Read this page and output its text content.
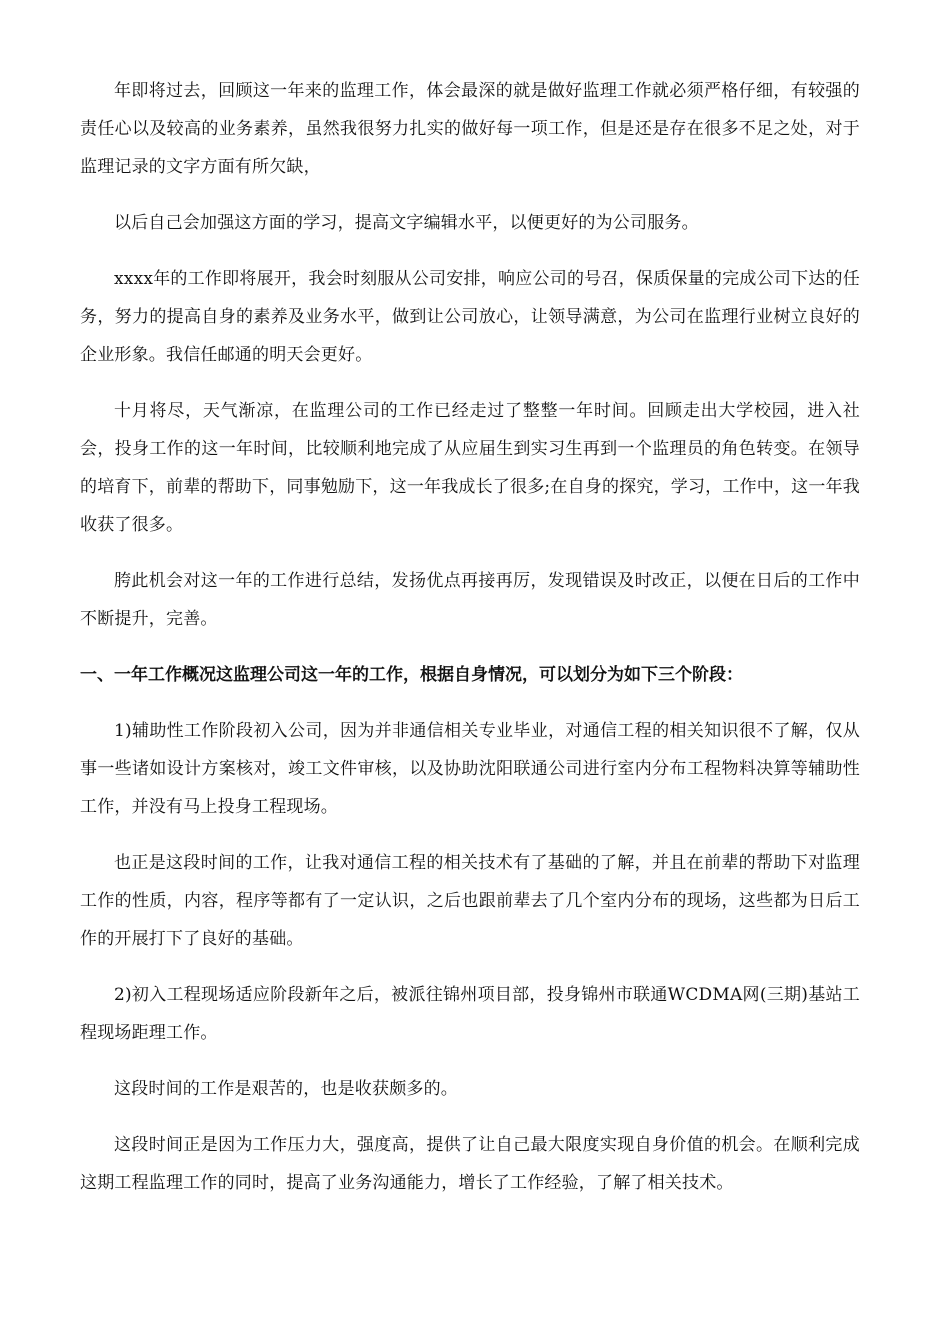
年即将过去，回顾这一年来的监理工作，体会最深的就是做好监理工作就必须严格仔细，有较强的责任心以及较高的业务素养，虽然我很努力扎实的做好每一项工作，但是还是存在很多不足之处，对于监理记录的文字方面有所欠缺，

以后自己会加强这方面的学习，提高文字编辑水平，以便更好的为公司服务。

xxxx年的工作即将展开，我会时刻服从公司安排，响应公司的号召，保质保量的完成公司下达的任务，努力的提高自身的素养及业务水平，做到让公司放心，让领导满意，为公司在监理行业树立良好的企业形象。我信任邮通的明天会更好。

十月将尽，天气渐凉，在监理公司的工作已经走过了整整一年时间。回顾走出大学校园，进入社会，投身工作的这一年时间，比较顺利地完成了从应届生到实习生再到一个监理员的角色转变。在领导的培育下，前辈的帮助下，同事勉励下，这一年我成长了很多;在自身的探究，学习，工作中，这一年我收获了很多。

胯此机会对这一年的工作进行总结，发扬优点再接再厉，发现错误及时改正，以便在日后的工作中不断提升，完善。

一、一年工作概况这监理公司这一年的工作，根据自身情况，可以划分为如下三个阶段：

1)辅助性工作阶段初入公司，因为并非通信相关专业毕业，对通信工程的相关知识很不了解，仅从事一些诸如设计方案核对，竣工文件审核，以及协助沈阳联通公司进行室内分布工程物料决算等辅助性工作，并没有马上投身工程现场。

也正是这段时间的工作，让我对通信工程的相关技术有了基础的了解，并且在前辈的帮助下对监理工作的性质，内容，程序等都有了一定认识，之后也跟前辈去了几个室内分布的现场，这些都为日后工作的开展打下了良好的基础。

2)初入工程现场适应阶段新年之后，被派往锦州项目部，投身锦州市联通WCDMA网(三期)基站工程现场距理工作。

这段时间的工作是艰苦的，也是收获颇多的。

这段时间正是因为工作压力大，强度高，提供了让自己最大限度实现自身价值的机会。在顺利完成这期工程监理工作的同时，提高了业务沟通能力，增长了工作经验，了解了相关技术。
